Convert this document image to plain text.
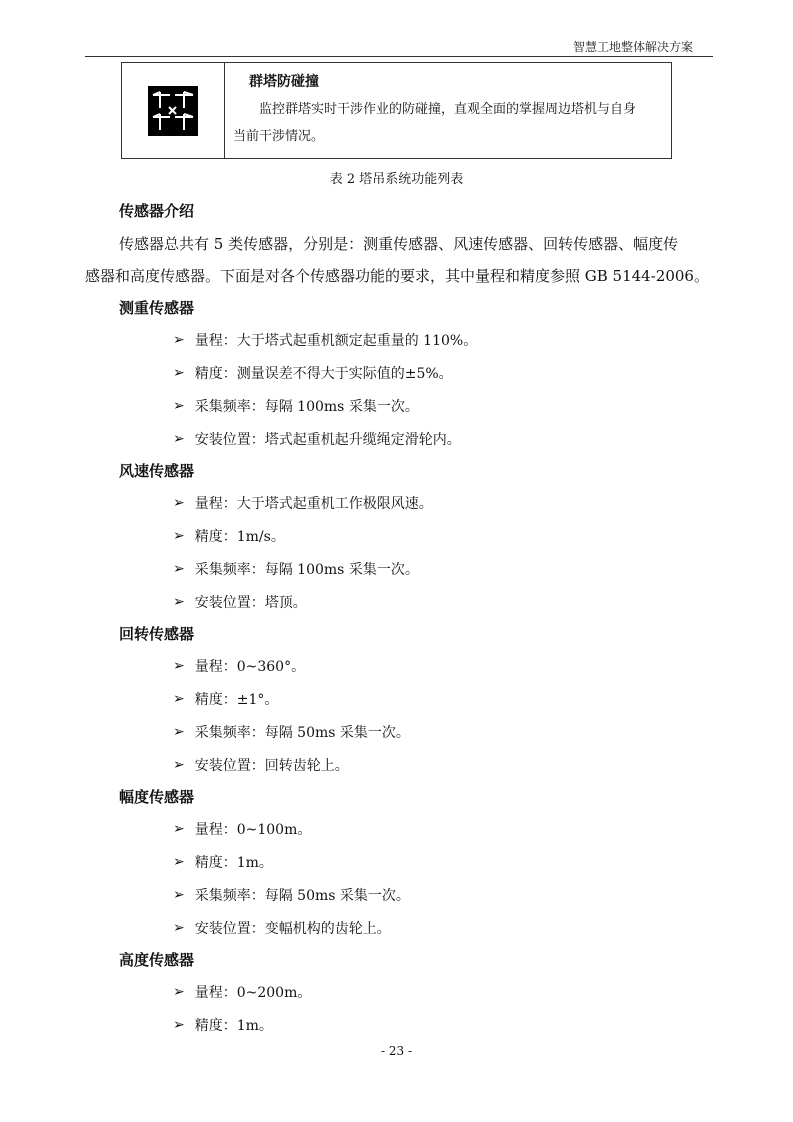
智慧工地整体解决方案
群塔防碰撞
监控群塔实时干涉作业的防碰撞，直观全面的掌握周边塔机与自身
当前干涉情况。
表 2 塔吊系统功能列表
传感器介绍
传感器总共有 5 类传感器，分别是：测重传感器、风速传感器、回转传感器、幅度传
感器和高度传感器。下面是对各个传感器功能的要求，其中量程和精度参照 GB 5144-2006。
测重传感器
➢ 量程：大于塔式起重机额定起重量的 110%。
➢ 精度：测量误差不得大于实际值的±5%。
➢ 采集频率：每隔 100ms 采集一次。
➢ 安装位置：塔式起重机起升缆绳定滑轮内。
风速传感器
➢ 量程：大于塔式起重机工作极限风速。
➢ 精度：1m/s。
➢ 采集频率：每隔 100ms 采集一次。
➢ 安装位置：塔顶。
回转传感器
➢ 量程：0~360°。
➢ 精度：±1°。
➢ 采集频率：每隔 50ms 采集一次。
➢ 安装位置：回转齿轮上。
幅度传感器
➢ 量程：0~100m。
➢ 精度：1m。
➢ 采集频率：每隔 50ms 采集一次。
➢ 安装位置：变幅机构的齿轮上。
高度传感器
➢ 量程：0~200m。
➢ 精度：1m。
- 23 -
